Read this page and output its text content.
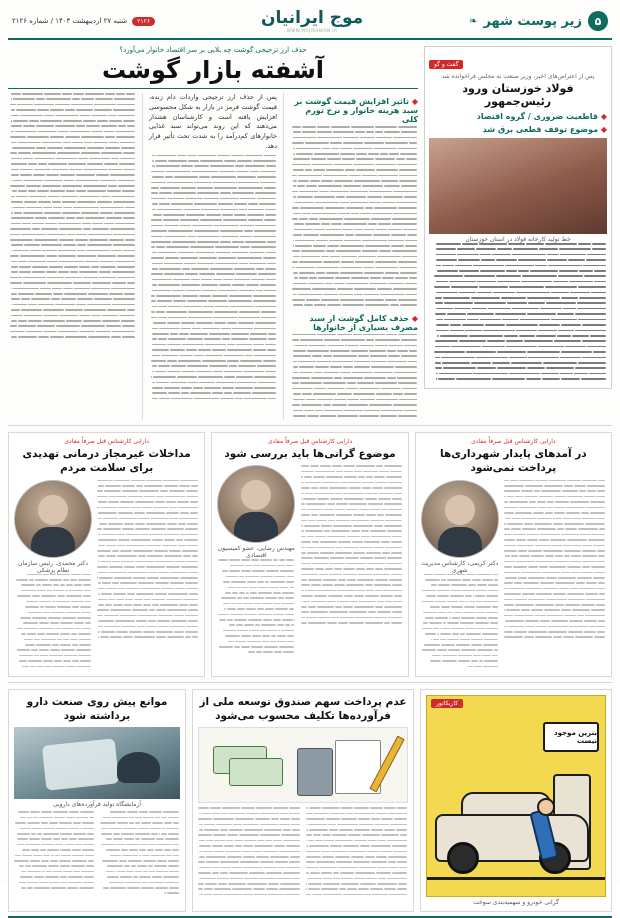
۵
زیر پوست شهر
❧
موج ایرانیان
WWW.MOJIRANIAN.IR
۲۱۲۶
شنبه ۲۷ اردیبهشت ۱۴۰۴ / شماره ۲۱۲۶
گفت و گو
پس از اعتراض‌های اخیر، وزیر صنعت به مجلس فراخوانده شد
فولاد خوزستان ورود رئیس‌جمهور
◆ قاطعیت ضروری / گروه اقتصاد
◆ موضوع توقف قطعی برق شد
خط تولید کارخانه فولاد در استان خوزستان
حذف ارز ترجیحی گوشت چه بلایی بر سر اقتصاد خانوار می‌آورد؟
آشفته بازار گوشت
◆ تاثیر افزایش قیمت گوشت بر سبد هزینه خانوار و نرخ تورم کلی
◆ حذف کامل گوشت از سبد مصرف بسیاری از خانوارها
پس از حذف ارز ترجیحی واردات دام زنده، قیمت گوشت قرمز در بازار به شکل محسوسی افزایش یافته است و کارشناسان هشدار می‌دهند که این روند می‌تواند سبد غذایی خانوارهای کم‌درآمد را به شدت تحت تأثیر قرار دهد.
دارابی کارشناس قبل صرفاً مفادی
در آمدهای پایدار شهرداری‌ها پرداخت نمی‌شود
دکتر کریمی، کارشناس مدیریت شهری
دارابی کارشناس قبل صرفاً مفادی
موضوع گرانی‌ها باید بررسی شود
مهندس رضایی، عضو کمیسیون اقتصادی
دارابی کارشناس قبل صرفاً مفادی
مداخلات غیرمجاز درمانی تهدیدی برای سلامت مردم
دکتر محمدی، رئیس سازمان نظام پزشکی
کاریکاتور
بنزین موجود نیست
گرانی خودرو و سهمیه‌بندی سوخت
عدم پرداخت سهم صندوق توسعه ملی از فرآورده‌ها تکلیف محسوب می‌شود
موانع پیش روی صنعت دارو برداشته شود
آزمایشگاه تولید فرآورده‌های دارویی
